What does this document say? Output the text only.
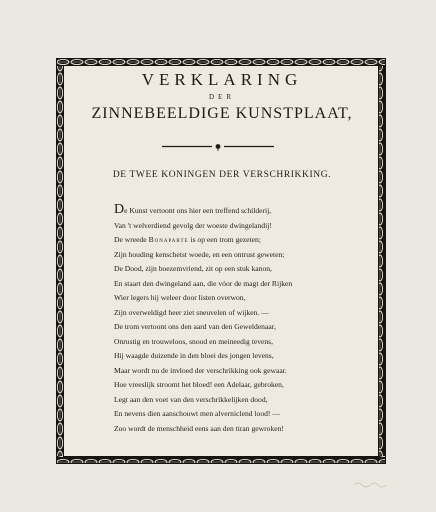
VERKLARING
DER
ZINNEBEELDIGE KUNSTPLAAT,
DE TWEE KONINGEN DER VERSCHRIKKING.
De Kunst vertoont ons hier een treffend schilderij,
Van 't welverdiend gevolg der woeste dwingelandij!
De wreede Bonaparte is op een trom gezeten;
Zijn houding kenschetst woede, en een ontrust geweten;
De Dood, zijn boezemvriend, zit op een stuk kanon,
En staart den dwingeland aan, die vóor de magt der Rijken
Wier legers hij weleer door listen overwon,
Zijn overweldigd heer ziet sneuvelen of wijken. —
De trom vertoont ons den aard van den Geweldenaar,
Onrustig en trouweloos, snood en meineedig tevens,
Hij waagde duizende in den bloei des jongen levens,
Maar wordt nu de invloed der verschrikking ook gewaar.
Hoe vreeslijk stroomt het bloed! een Adelaar, gebroken,
Legt aan den voet van den verschrikkelijken dood,
En nevens dien aanschouwt men alverniclend lood! —
Zoo wordt de menschheid eens aan den tiran gewroken!
